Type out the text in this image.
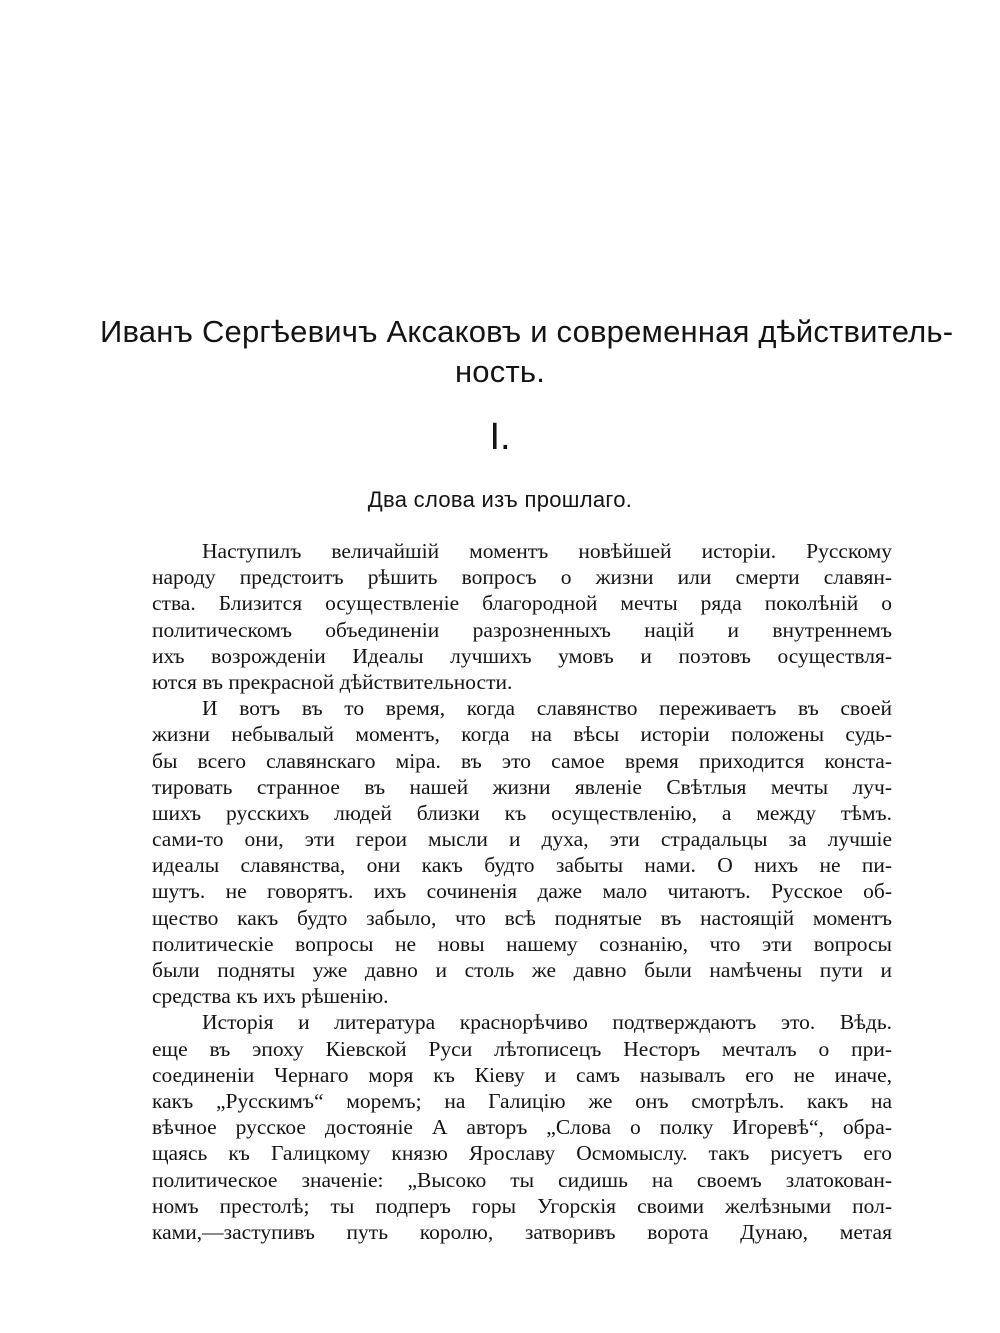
Иванъ Сергѣевичъ Аксаковъ и современная дѣйствитель-
ность.
I.
Два слова изъ прошлаго.
Наступилъ величайшій моментъ новѣйшей исторіи. Русскому
народу предстоитъ рѣшить вопросъ о жизни или смерти славян-
ства. Близится осуществленіе благородной мечты ряда поколѣній о
политическомъ объединеніи разрозненныхъ націй и внутреннемъ
ихъ возрожденіи Идеалы лучшихъ умовъ и поэтовъ осуществля-
ются въ прекрасной дѣйствительности.
И вотъ въ то время, когда славянство переживаетъ въ своей
жизни небывалый моментъ, когда на вѣсы исторіи положены судь-
бы всего славянскаго міра. въ это самое время приходится конста-
тировать странное въ нашей жизни явленіе Свѣтлыя мечты луч-
шихъ русскихъ людей близки къ осуществленію, а между тѣмъ.
сами-то они, эти герои мысли и духа, эти страдальцы за лучшіе
идеалы славянства, они какъ будто забыты нами. О нихъ не пи-
шутъ. не говорятъ. ихъ сочиненія даже мало читаютъ. Русское об-
щество какъ будто забыло, что всѣ поднятые въ настоящій моментъ
политическіе вопросы не новы нашему сознанію, что эти вопросы
были подняты уже давно и столь же давно были намѣчены пути и
средства къ ихъ рѣшенію.
Исторія и литература краснорѣчиво подтверждаютъ это. Вѣдь.
еще въ эпоху Кіевской Руси лѣтописецъ Несторъ мечталъ о при-
соединеніи Чернаго моря къ Кіеву и самъ называлъ его не иначе,
какъ „Русскимъ“ моремъ; на Галицію же онъ смотрѣлъ. какъ на
вѣчное русское достояніе А авторъ „Слова о полку Игоревѣ“, обра-
щаясь къ Галицкому князю Ярославу Осмомыслу. такъ рисуетъ его
политическое значеніе: „Высоко ты сидишь на своемъ златокован-
номъ престолѣ; ты подперъ горы Угорскія своими желѣзными пол-
ками,—заступивъ путь королю, затворивъ ворота Дунаю, метая
